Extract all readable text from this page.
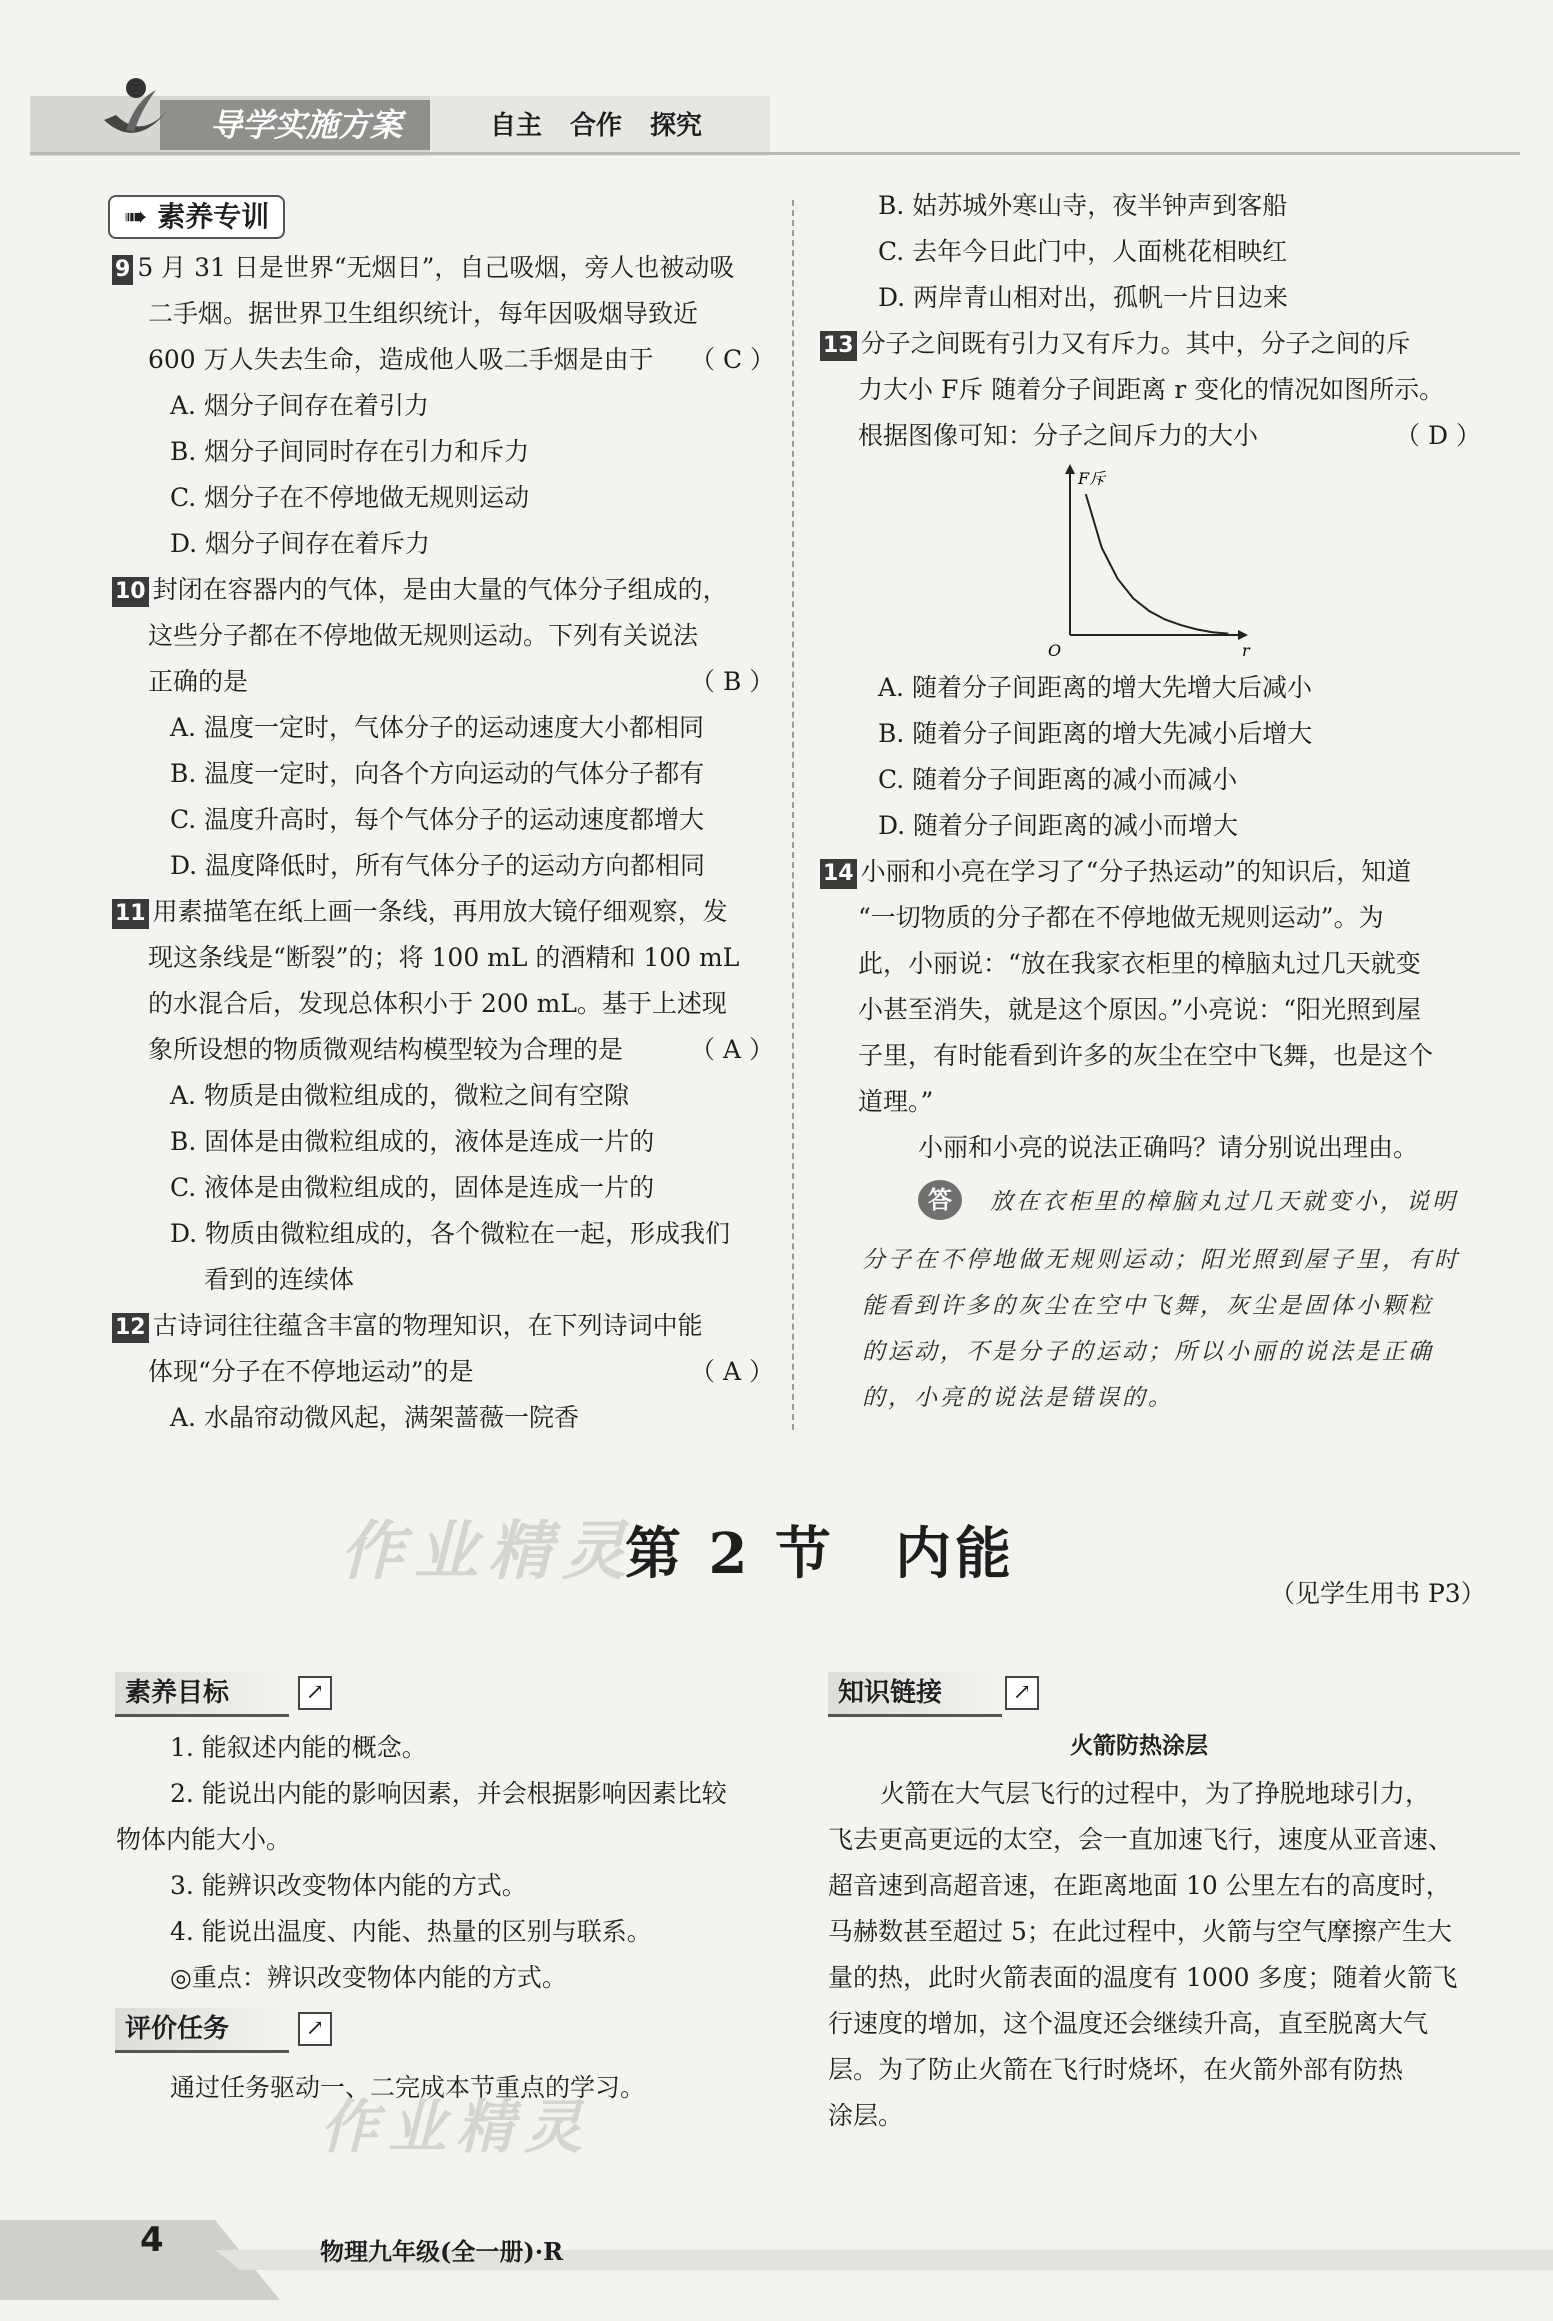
导学实施方案	自主 合作 探究
➠ 素养专训
9 5 月 31 日是世界“无烟日”，自己吸烟，旁人也被动吸
二手烟。据世界卫生组织统计，每年因吸烟导致近
600 万人失去生命，造成他人吸二手烟是由于 （ C ）
A. 烟分子间存在着引力
B. 烟分子间同时存在引力和斥力
C. 烟分子在不停地做无规则运动
D. 烟分子间存在着斥力
10 封闭在容器内的气体，是由大量的气体分子组成的，
这些分子都在不停地做无规则运动。下列有关说法
正确的是	（ B ）
A. 温度一定时，气体分子的运动速度大小都相同
B. 温度一定时，向各个方向运动的气体分子都有
C. 温度升高时，每个气体分子的运动速度都增大
D. 温度降低时，所有气体分子的运动方向都相同
11 用素描笔在纸上画一条线，再用放大镜仔细观察，发
现这条线是“断裂”的；将 100 mL 的酒精和 100 mL
的水混合后，发现总体积小于 200 mL。基于上述现
象所设想的物质微观结构模型较为合理的是	（ A ）
A. 物质是由微粒组成的，微粒之间有空隙
B. 固体是由微粒组成的，液体是连成一片的
C. 液体是由微粒组成的，固体是连成一片的
D. 物质由微粒组成的，各个微粒在一起，形成我们
看到的连续体
12 古诗词往往蕴含丰富的物理知识，在下列诗词中能
体现“分子在不停地运动”的是	（ A ）
A. 水晶帘动微风起，满架蔷薇一院香
B. 姑苏城外寒山寺，夜半钟声到客船
C. 去年今日此门中，人面桃花相映红
D. 两岸青山相对出，孤帆一片日边来
13 分子之间既有引力又有斥力。其中，分子之间的斥
力大小 F斥 随着分子间距离 r 变化的情况如图所示。
根据图像可知：分子之间斥力的大小	（ D ）
F斥
r
O
A. 随着分子间距离的增大先增大后减小
B. 随着分子间距离的增大先减小后增大
C. 随着分子间距离的减小而减小
D. 随着分子间距离的减小而增大
14 小丽和小亮在学习了“分子热运动”的知识后，知道
“一切物质的分子都在不停地做无规则运动”。为
此，小丽说：“放在我家衣柜里的樟脑丸过几天就变
小甚至消失，就是这个原因。”小亮说：“阳光照到屋
子里，有时能看到许多的灰尘在空中飞舞，也是这个
道理。”
小丽和小亮的说法正确吗？请分别说出理由。
答	放在衣柜里的樟脑丸过几天就变小，说明
分子在不停地做无规则运动；阳光照到屋子里，有时
能看到许多的灰尘在空中飞舞，灰尘是固体小颗粒
的运动，不是分子的运动；所以小丽的说法是正确
的，小亮的说法是错误的。
作业精灵
第 2 节　内能
（见学生用书 P3）
素养目标	↗
1. 能叙述内能的概念。
2. 能说出内能的影响因素，并会根据影响因素比较
物体内能大小。
3. 能辨识改变物体内能的方式。
4. 能说出温度、内能、热量的区别与联系。
◎重点：辨识改变物体内能的方式。
评价任务	↗
通过任务驱动一、二完成本节重点的学习。
作业精灵
知识链接	↗
火箭防热涂层
火箭在大气层飞行的过程中，为了挣脱地球引力，
飞去更高更远的太空，会一直加速飞行，速度从亚音速、
超音速到高超音速，在距离地面 10 公里左右的高度时，
马赫数甚至超过 5；在此过程中，火箭与空气摩擦产生大
量的热，此时火箭表面的温度有 1000 多度；随着火箭飞
行速度的增加，这个温度还会继续升高，直至脱离大气
层。为了防止火箭在飞行时烧坏，在火箭外部有防热
涂层。
4	物理九年级(全一册)·R
